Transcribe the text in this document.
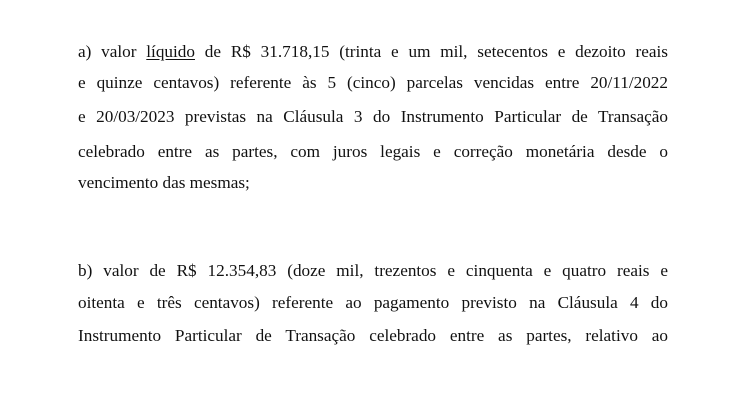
a) valor líquido de R$ 31.718,15 (trinta e um mil, setecentos e dezoito reais
e quinze centavos) referente às 5 (cinco) parcelas vencidas entre 20/11/2022
e 20/03/2023 previstas na Cláusula 3 do Instrumento Particular de Transação
celebrado entre as partes, com juros legais e correção monetária desde o
vencimento das mesmas;
b) valor de R$ 12.354,83 (doze mil, trezentos e cinquenta e quatro reais e
oitenta e três centavos) referente ao pagamento previsto na Cláusula 4 do
Instrumento Particular de Transação celebrado entre as partes, relativo ao
